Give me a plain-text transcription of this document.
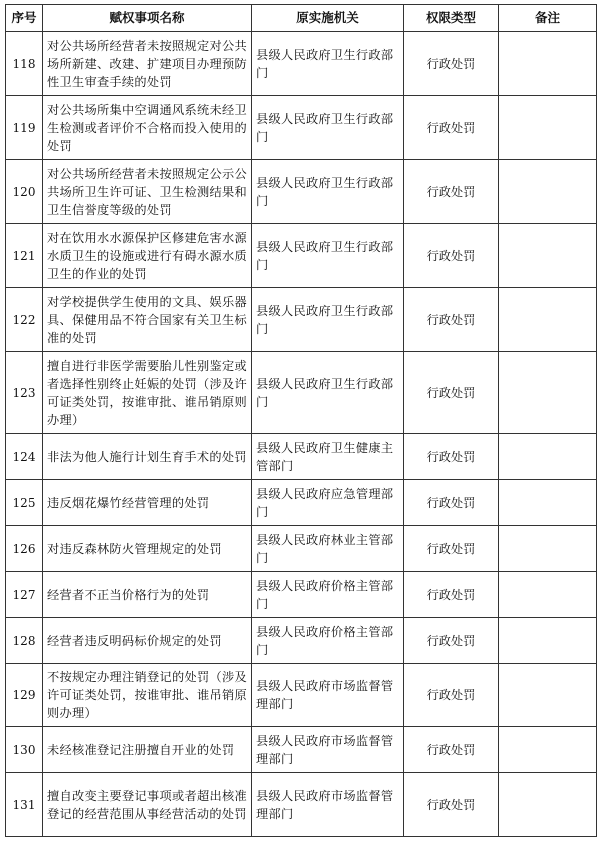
序号	赋权事项名称	原实施机关	权限类型	备注
118	对公共场所经营者未按照规定对公共场所新建、改建、扩建项目办理预防性卫生审查手续的处罚	县级人民政府卫生行政部门	行政处罚	
119	对公共场所集中空调通风系统未经卫生检测或者评价不合格而投入使用的处罚	县级人民政府卫生行政部门	行政处罚	
120	对公共场所经营者未按照规定公示公共场所卫生许可证、卫生检测结果和卫生信誉度等级的处罚	县级人民政府卫生行政部门	行政处罚	
121	对在饮用水水源保护区修建危害水源水质卫生的设施或进行有碍水源水质卫生的作业的处罚	县级人民政府卫生行政部门	行政处罚	
122	对学校提供学生使用的文具、娱乐器具、保健用品不符合国家有关卫生标准的处罚	县级人民政府卫生行政部门	行政处罚	
123	擅自进行非医学需要胎儿性别鉴定或者选择性别终止妊娠的处罚（涉及许可证类处罚，按谁审批、谁吊销原则办理）	县级人民政府卫生行政部门	行政处罚	
124	非法为他人施行计划生育手术的处罚	县级人民政府卫生健康主管部门	行政处罚	
125	违反烟花爆竹经营管理的处罚	县级人民政府应急管理部门	行政处罚	
126	对违反森林防火管理规定的处罚	县级人民政府林业主管部门	行政处罚	
127	经营者不正当价格行为的处罚	县级人民政府价格主管部门	行政处罚	
128	经营者违反明码标价规定的处罚	县级人民政府价格主管部门	行政处罚	
129	不按规定办理注销登记的处罚（涉及许可证类处罚，按谁审批、谁吊销原则办理）	县级人民政府市场监督管理部门	行政处罚	
130	未经核准登记注册擅自开业的处罚	县级人民政府市场监督管理部门	行政处罚	
131	擅自改变主要登记事项或者超出核准登记的经营范围从事经营活动的处罚	县级人民政府市场监督管理部门	行政处罚	
